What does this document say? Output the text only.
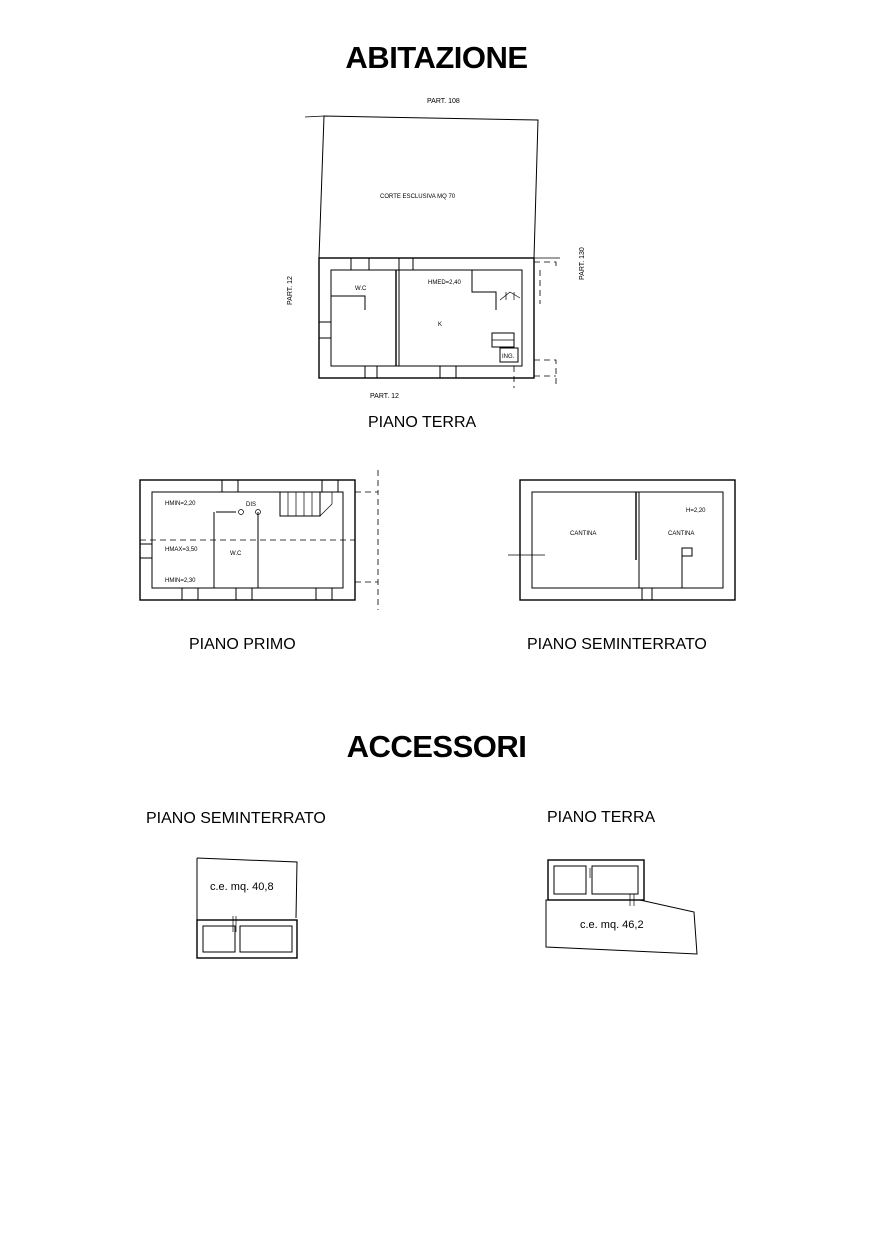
ABITAZIONE
PART. 108
PART. 12
PART. 130
PART. 12
CORTE ESCLUSIVA MQ 70
W.C
HMED=2,40
K
ING.
PIANO TERRA
HMIN=2,20	DIS
HMAX=3,50
W.C
HMIN=2,30
PIANO PRIMO
CANTINA	CANTINA
H=2,20
PIANO SEMINTERRATO
ACCESSORI
PIANO SEMINTERRATO
c.e. mq. 40,8
PIANO TERRA
c.e. mq. 46,2
